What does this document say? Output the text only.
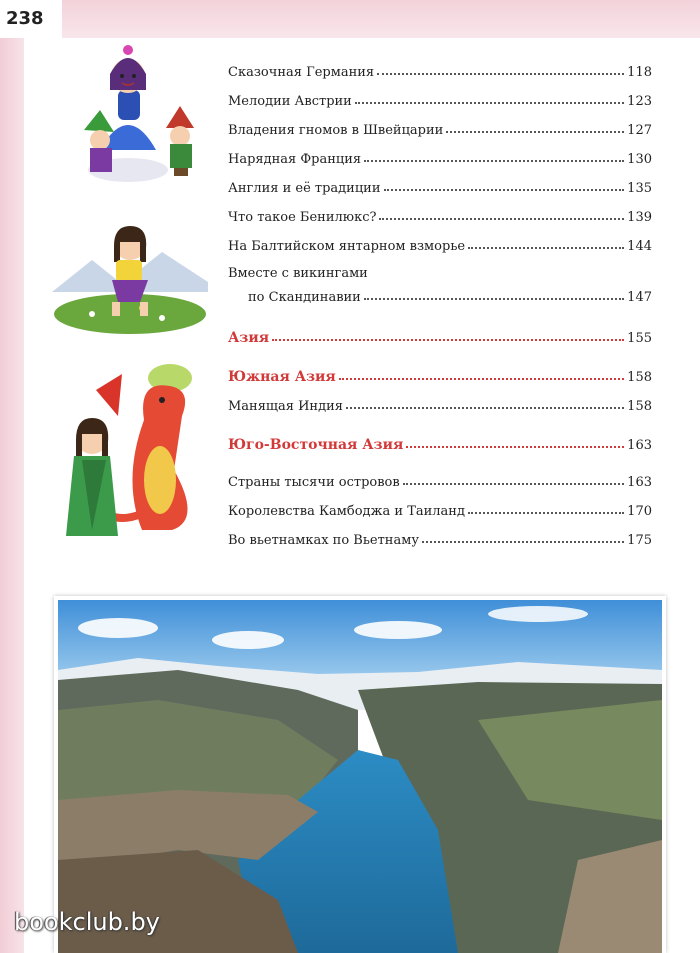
238
Сказочная Германия	118
Мелодии Австрии	123
Владения гномов в Швейцарии	127
Нарядная Франция	130
Англия и её традиции	135
Что такое Бенилюкс?	139
На Балтийском янтарном взморье	144
Вместе с викингами
по Скандинавии	147
Азия	155
Южная Азия	158
Манящая Индия	158
Юго-Восточная Азия	163
Страны тысячи островов	163
Королевства Камбоджа и Таиланд	170
Во вьетнамках по Вьетнаму	175
bookclub.by
